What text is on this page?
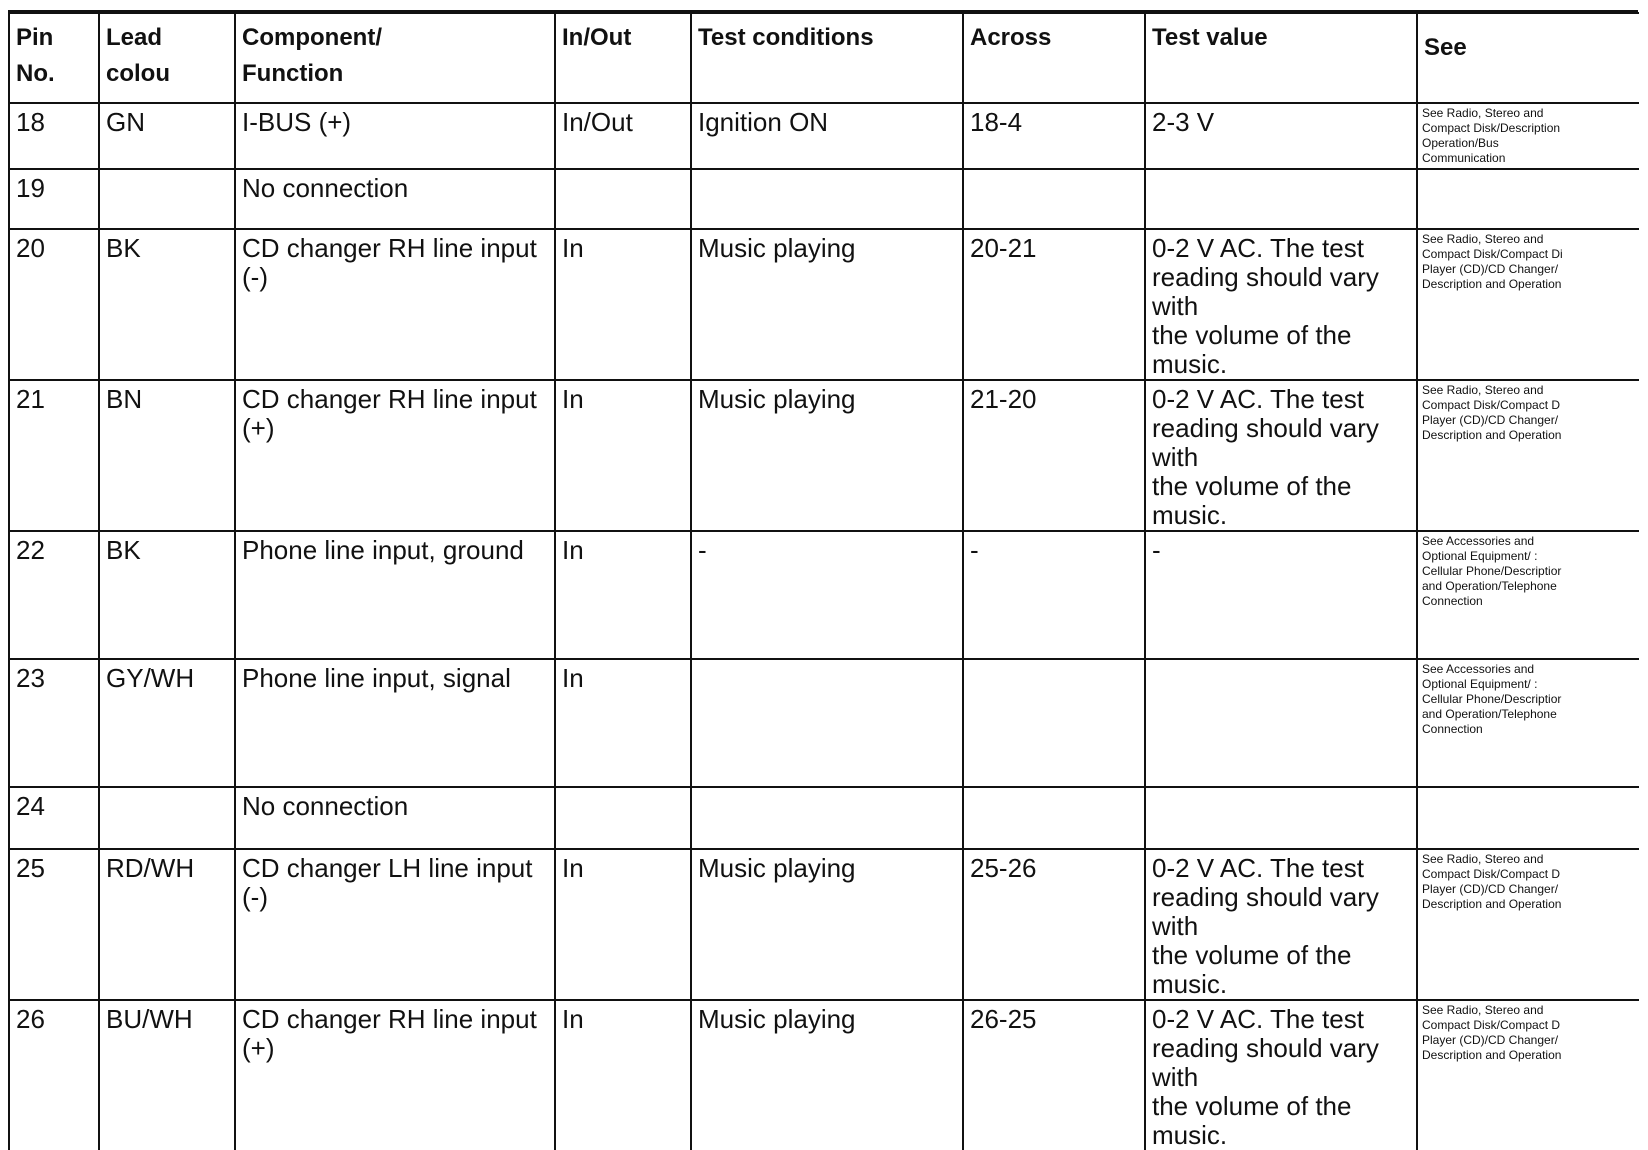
Pin No.	Lead colou	Component/
Function	In/Out	Test conditions	Across	Test value	See
18	GN	I-BUS (+)	In/Out	Ignition ON	18-4	2-3 V	See Radio, Stereo and
Compact Disk/Description
Operation/Bus
Communication

19		No connection					
20	BK	CD changer RH line input (-)	In	Music playing	20-21	0-2 V AC. The test
reading should vary with
the volume of the music.	See Radio, Stereo and
Compact Disk/Compact Di
Player (CD)/CD Changer/
Description and Operation

21	BN	CD changer RH line input (+)	In	Music playing	21-20	0-2 V AC. The test
reading should vary with
the volume of the music.	See Radio, Stereo and
Compact Disk/Compact D
Player (CD)/CD Changer/
Description and Operation

22	BK	Phone line input, ground	In	-	-	-	See Accessories and
Optional Equipment/ :
Cellular Phone/Descriptior
and Operation/Telephone
Connection

23	GY/WH	Phone line input, signal	In				See Accessories and
Optional Equipment/ :
Cellular Phone/Descriptior
and Operation/Telephone
Connection

24		No connection					
25	RD/WH	CD changer LH line input (-)	In	Music playing	25-26	0-2 V AC. The test
reading should vary with
the volume of the music.	See Radio, Stereo and
Compact Disk/Compact D
Player (CD)/CD Changer/
Description and Operation

26	BU/WH	CD changer RH line input (+)	In	Music playing	26-25	0-2 V AC. The test
reading should vary with
the volume of the music.	See Radio, Stereo and
Compact Disk/Compact D
Player (CD)/CD Changer/
Description and Operation
